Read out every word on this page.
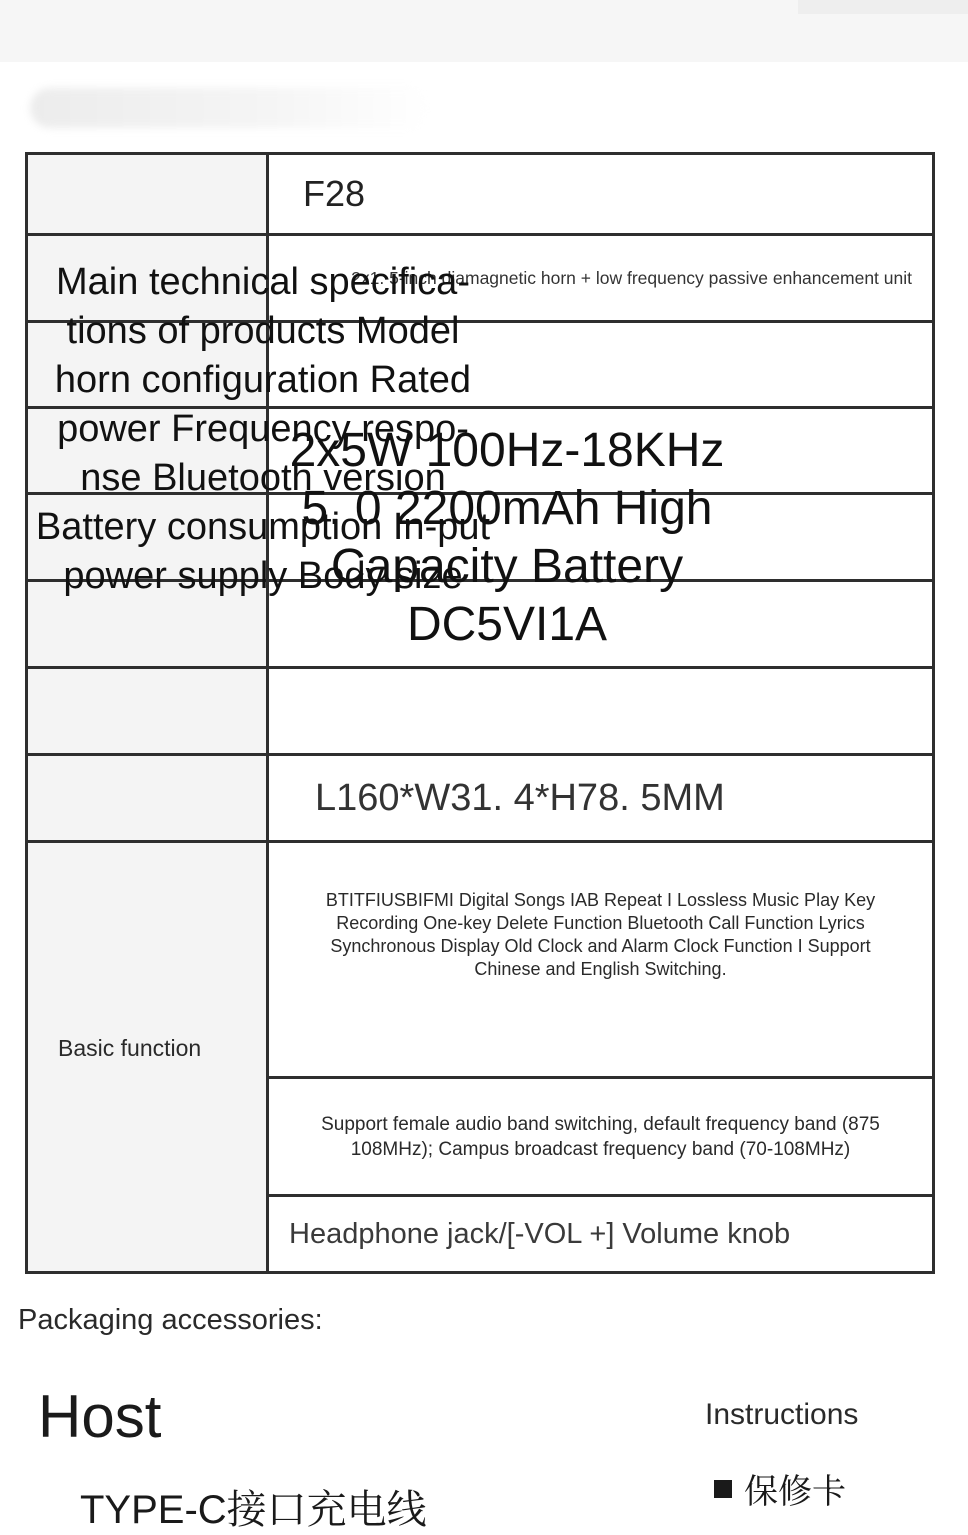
F28
2x1. 5-inch diamagnetic horn + low frequency passive enhancement unit
L160*W31. 4*H78. 5MM
Basic function
BTITFIUSBIFMI Digital Songs IAB Repeat I Lossless Music Play Key Recording One-key Delete Function Bluetooth Call Function Lyrics Synchronous Display Old Clock and Alarm Clock Function I Support Chinese and English Switching.
Support female audio band switching, default frequency band (875 108MHz); Campus broadcast frequency band (70-108MHz)
Headphone jack/[-VOL +] Volume knob
Main technical specifica-tions of products Model horn configuration Rated power Frequency respo-nse Bluetooth version Battery consumption In-put power supply Body size
2x5W 100Hz-18KHz 5. 0 2200mAh High Capacity Battery DC5VI1A
Packaging accessories:
Host	Instructions
保修卡
TYPE-C接口充电线
